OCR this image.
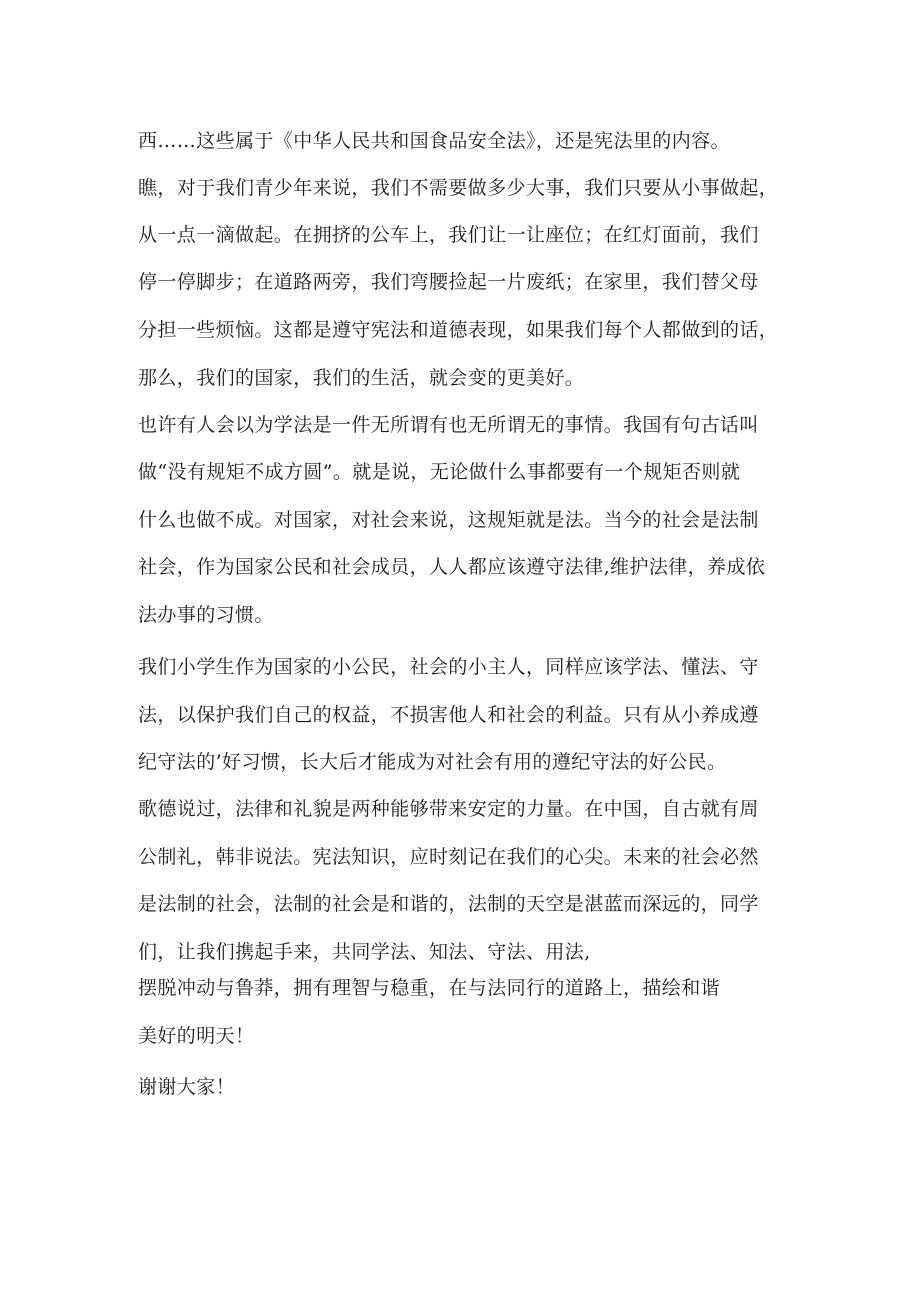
西……这些属于《中华人民共和国食品安全法》，还是宪法里的内容。

瞧，对于我们青少年来说，我们不需要做多少大事，我们只要从小事做起，

从一点一滴做起。在拥挤的公车上，我们让一让座位；在红灯面前，我们

停一停脚步；在道路两旁，我们弯腰捡起一片废纸；在家里，我们替父母

分担一些烦恼。这都是遵守宪法和道德表现，如果我们每个人都做到的话，

那么，我们的国家，我们的生活，就会变的更美好。

也许有人会以为学法是一件无所谓有也无所谓无的事情。我国有句古话叫

做“没有规矩不成方圆”。就是说，无论做什么事都要有一个规矩否则就

什么也做不成。对国家，对社会来说，这规矩就是法。当今的社会是法制

社会，作为国家公民和社会成员，人人都应该遵守法律,维护法律，养成依

法办事的习惯。

我们小学生作为国家的小公民，社会的小主人，同样应该学法、懂法、守

法，以保护我们自己的权益，不损害他人和社会的利益。只有从小养成遵

纪守法的’好习惯，长大后才能成为对社会有用的遵纪守法的好公民。

歌德说过，法律和礼貌是两种能够带来安定的力量。在中国，自古就有周

公制礼，韩非说法。宪法知识，应时刻记在我们的心尖。未来的社会必然

是法制的社会，法制的社会是和谐的，法制的天空是湛蓝而深远的，同学

们，让我们携起手来，共同学法、知法、守法、用法,

摆脱冲动与鲁莽，拥有理智与稳重，在与法同行的道路上，描绘和谐

美好的明天！

谢谢大家！
